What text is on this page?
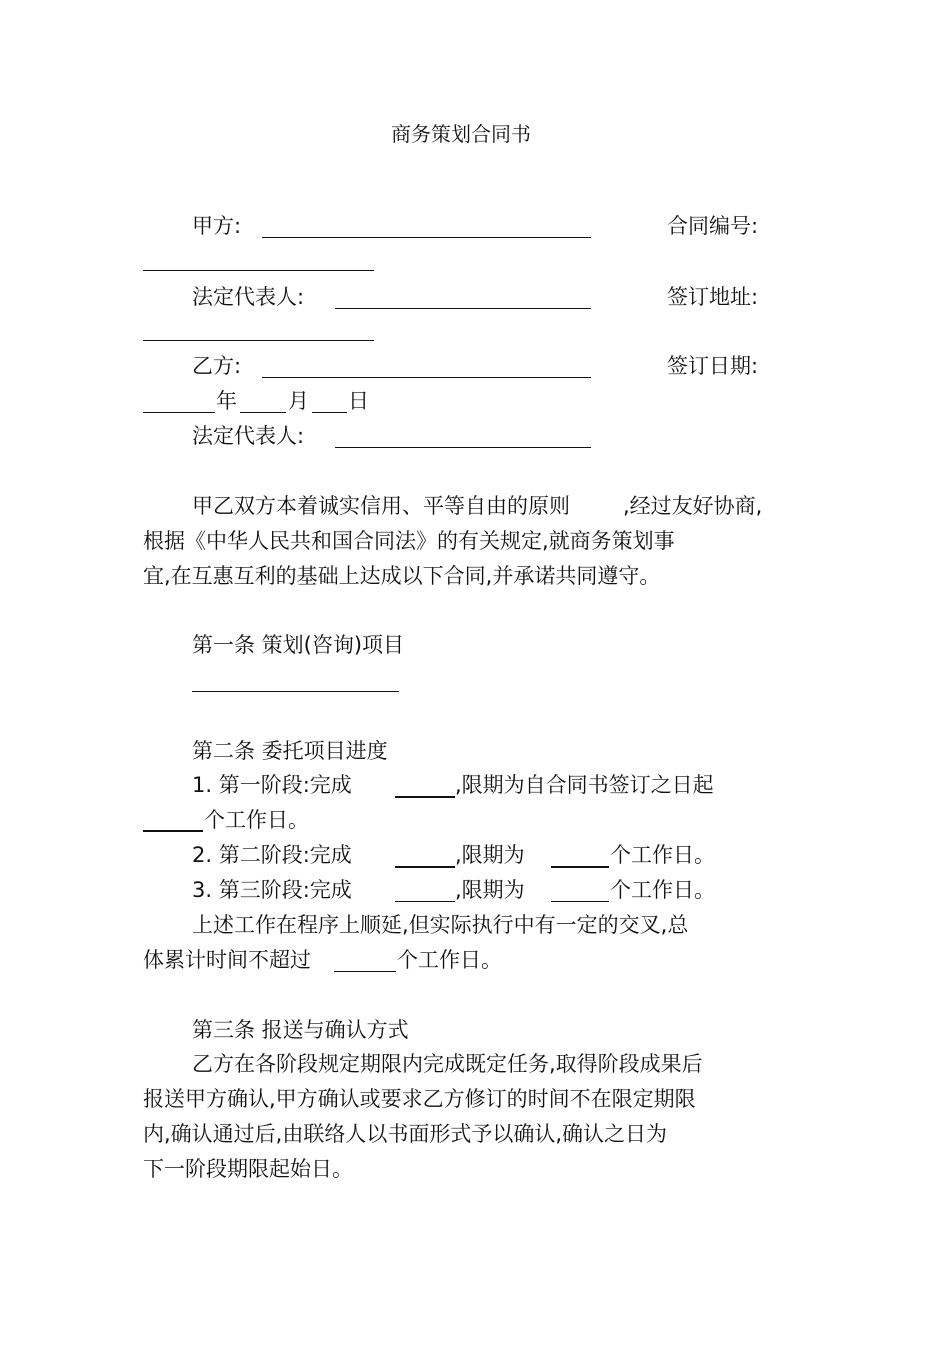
商务策划合同书
甲方:	合同编号:
法定代表人:	签订地址:
乙方:	签订日期:
年 月 日
法定代表人:
甲乙双方本着诚实信用、平等自由的原则	,经过友好协商,
根据《中华人民共和国合同法》的有关规定,就商务策划事
宜,在互惠互利的基础上达成以下合同,并承诺共同遵守。
第一条 策划(咨询)项目
第二条 委托项目进度
1. 第一阶段:完成	,限期为自合同书签订之日起
个工作日。
2. 第二阶段:完成	,限期为	个工作日。
3. 第三阶段:完成	,限期为	个工作日。
上述工作在程序上顺延,但实际执行中有一定的交叉,总
体累计时间不超过	个工作日。
第三条 报送与确认方式
乙方在各阶段规定期限内完成既定任务,取得阶段成果后
报送甲方确认,甲方确认或要求乙方修订的时间不在限定期限
内,确认通过后,由联络人以书面形式予以确认,确认之日为
下一阶段期限起始日。
